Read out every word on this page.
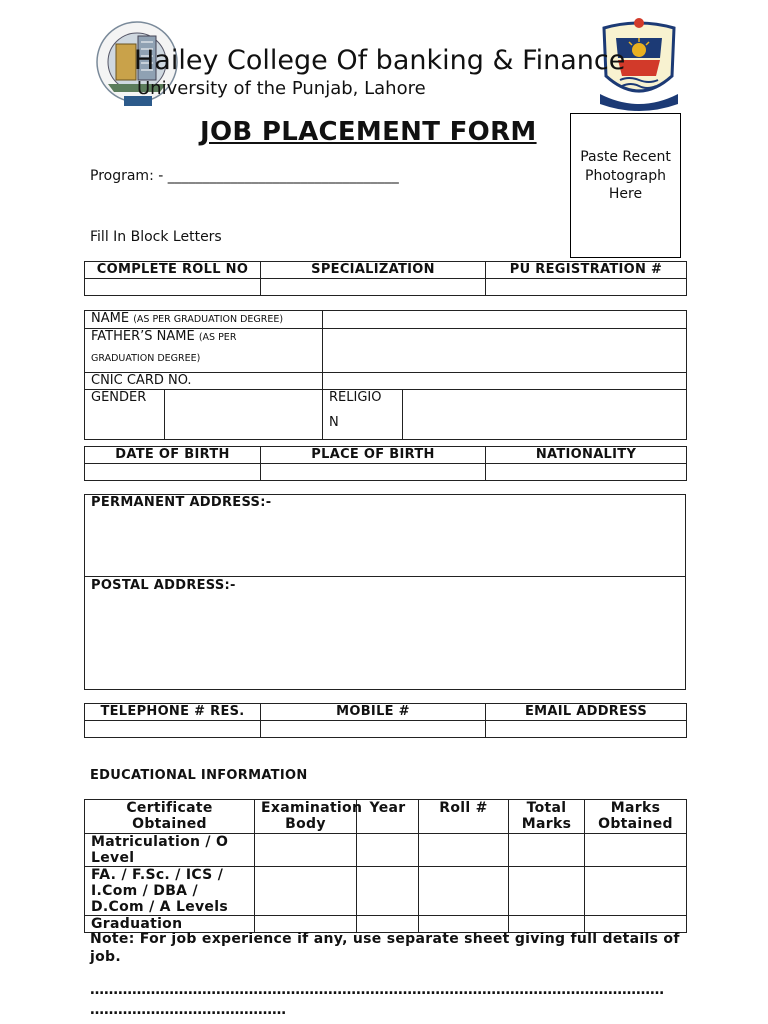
Hailey College Of banking & Finance
University of the Punjab, Lahore
JOB PLACEMENT FORM
Paste Recent
Photograph
Here
Program: - _________________________________
Fill In Block Letters
COMPLETE ROLL NO	SPECIALIZATION	PU REGISTRATION #

NAME (AS PER GRADUATION DEGREE)			
FATHER’S NAME (AS PER
GRADUATION DEGREE)			
CNIC CARD NO.			
GENDER		RELIGIO
N	

DATE OF BIRTH	PLACE OF BIRTH	NATIONALITY

PERMANENT ADDRESS:-

POSTAL ADDRESS:-
TELEPHONE # RES.	MOBILE #	EMAIL ADDRESS

EDUCATIONAL INFORMATION
Certificate Obtained	Examination Body	Year	Roll #	Total Marks	Marks Obtained
Matriculation / O Level					
FA. / F.Sc. / ICS / I.Com / DBA / D.Com / A Levels					
Graduation					
Note: For job experience if any, use separate sheet giving full details of job.
……………………………………………………………………………………………………………
……………………………………
